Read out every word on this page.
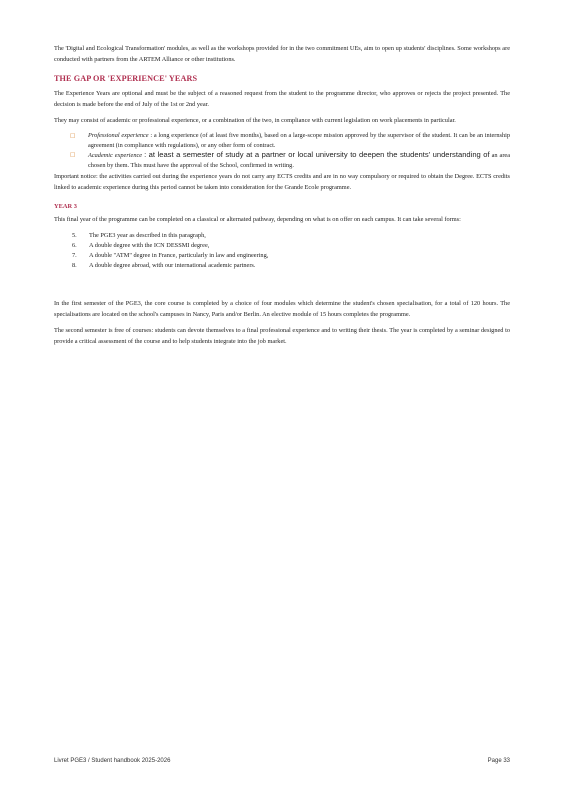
The 'Digital and Ecological Transformation' modules, as well as the workshops provided for in the two commitment UEs, aim to open up students' disciplines. Some workshops are conducted with partners from the ARTEM Alliance or other institutions.

THE GAP OR 'EXPERIENCE' YEARS

The Experience Years are optional and must be the subject of a reasoned request from the student to the programme director, who approves or rejects the project presented. The decision is made before the end of July of the 1st or 2nd year.

They may consist of academic or professional experience, or a combination of the two, in compliance with current legislation on work placements in particular.

□ Professional experience : a long experience (of at least five months), based on a large-scope mission approved by the supervisor of the student. It can be an internship agreement (in compliance with regulations), or any other form of contract.
□ Academic experience : at least a semester of study at a partner or local university to deepen the students' understanding of an area chosen by them. This must have the approval of the School, confirmed in writing.

Important notice: the activities carried out during the experience years do not carry any ECTS credits and are in no way compulsory or required to obtain the Degree. ECTS credits linked to academic experience during this period cannot be taken into consideration for the Grande Ecole programme.

YEAR 3

This final year of the programme can be completed on a classical or alternated pathway, depending on what is on offer on each campus. It can take several forms:

5.	The PGE3 year as described in this paragraph,
6.	A double degree with the ICN DESSMI degree,
7.	A double "ATM" degree in France, particularly in law and engineering,
8.	A double degree abroad, with our international academic partners.

In the first semester of the PGE3, the core course is completed by a choice of four modules which determine the student's chosen specialisation, for a total of 120 hours. The specialisations are located on the school's campuses in Nancy, Paris and/or Berlin. An elective module of 15 hours completes the programme.

The second semester is free of courses: students can devote themselves to a final professional experience and to writing their thesis. The year is completed by a seminar designed to provide a critical assessment of the course and to help students integrate into the job market.

Livret PGE3 / Student handbook 2025-2026	Page 33
